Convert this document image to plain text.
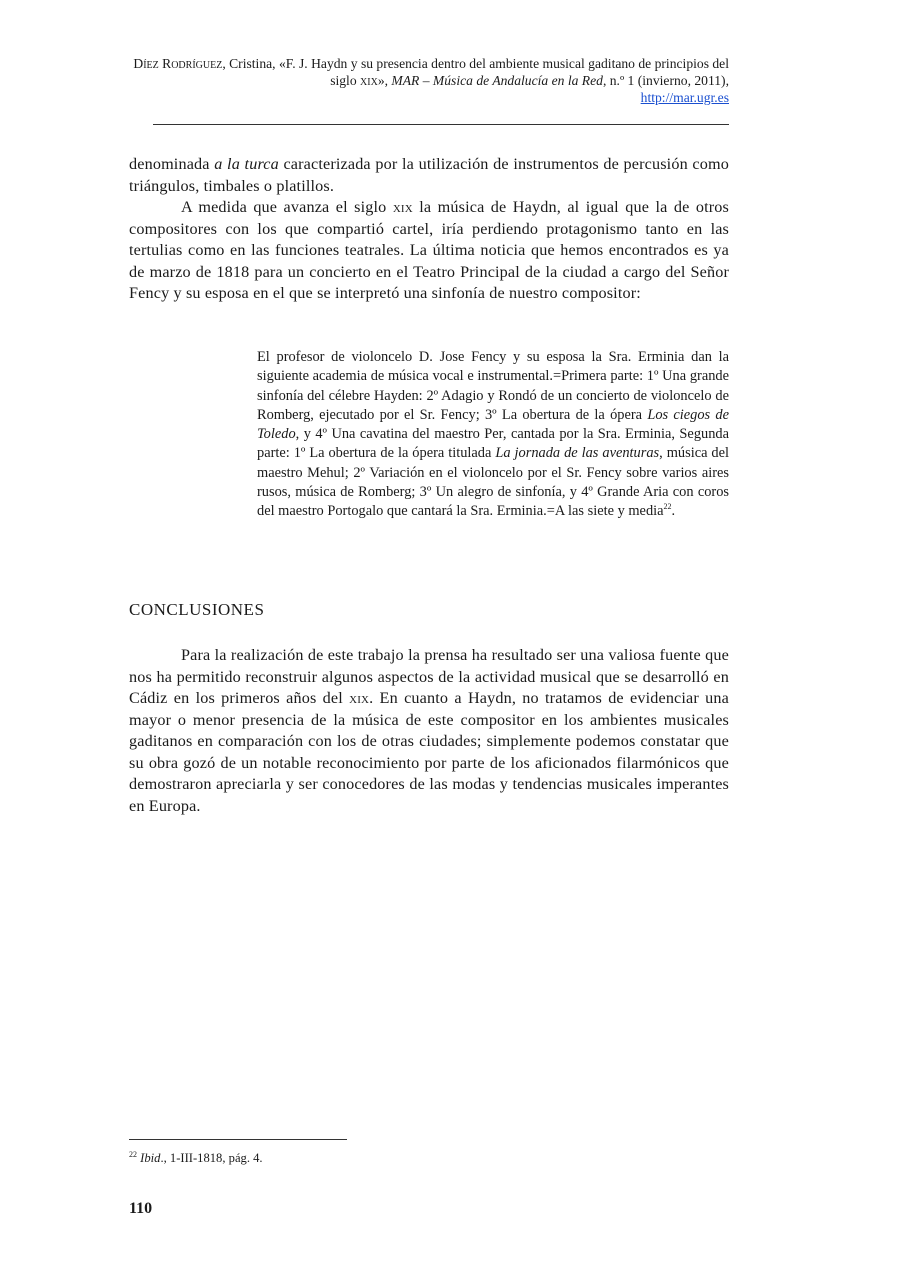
Díez Rodríguez, Cristina, «F. J. Haydn y su presencia dentro del ambiente musical gaditano de principios del siglo xix», MAR – Música de Andalucía en la Red, n.º 1 (invierno, 2011),
http://mar.ugr.es
denominada a la turca caracterizada por la utilización de instrumentos de percusión como triángulos, timbales o platillos.
A medida que avanza el siglo xix la música de Haydn, al igual que la de otros compositores con los que compartió cartel, iría perdiendo protagonismo tanto en las tertulias como en las funciones teatrales. La última noticia que hemos encontrados es ya de marzo de 1818 para un concierto en el Teatro Principal de la ciudad a cargo del Señor Fency y su esposa en el que se interpretó una sinfonía de nuestro compositor:
El profesor de violoncelo D. Jose Fency y su esposa la Sra. Erminia dan la siguiente academia de música vocal e instrumental.=Primera parte: 1º Una grande sinfonía del célebre Hayden: 2º Adagio y Rondó de un concierto de violoncelo de Romberg, ejecutado por el Sr. Fency; 3º La obertura de la ópera Los ciegos de Toledo, y 4º Una cavatina del maestro Per, cantada por la Sra. Erminia, Segunda parte: 1º La obertura de la ópera titulada La jornada de las aventuras, música del maestro Mehul; 2º Variación en el violoncelo por el Sr. Fency sobre varios aires rusos, música de Romberg; 3º Un alegro de sinfonía, y 4º Grande Aria con coros del maestro Portogalo que cantará la Sra. Erminia.=A las siete y media$^{22}$.
CONCLUSIONES
Para la realización de este trabajo la prensa ha resultado ser una valiosa fuente que nos ha permitido reconstruir algunos aspectos de la actividad musical que se desarrolló en Cádiz en los primeros años del xix. En cuanto a Haydn, no tratamos de evidenciar una mayor o menor presencia de la música de este compositor en los ambientes musicales gaditanos en comparación con los de otras ciudades; simplemente podemos constatar que su obra gozó de un notable reconocimiento por parte de los aficionados filarmónicos que demostraron apreciarla y ser conocedores de las modas y tendencias musicales imperantes en Europa.
$^{22}$ Ibid., 1-III-1818, pág. 4.
110
